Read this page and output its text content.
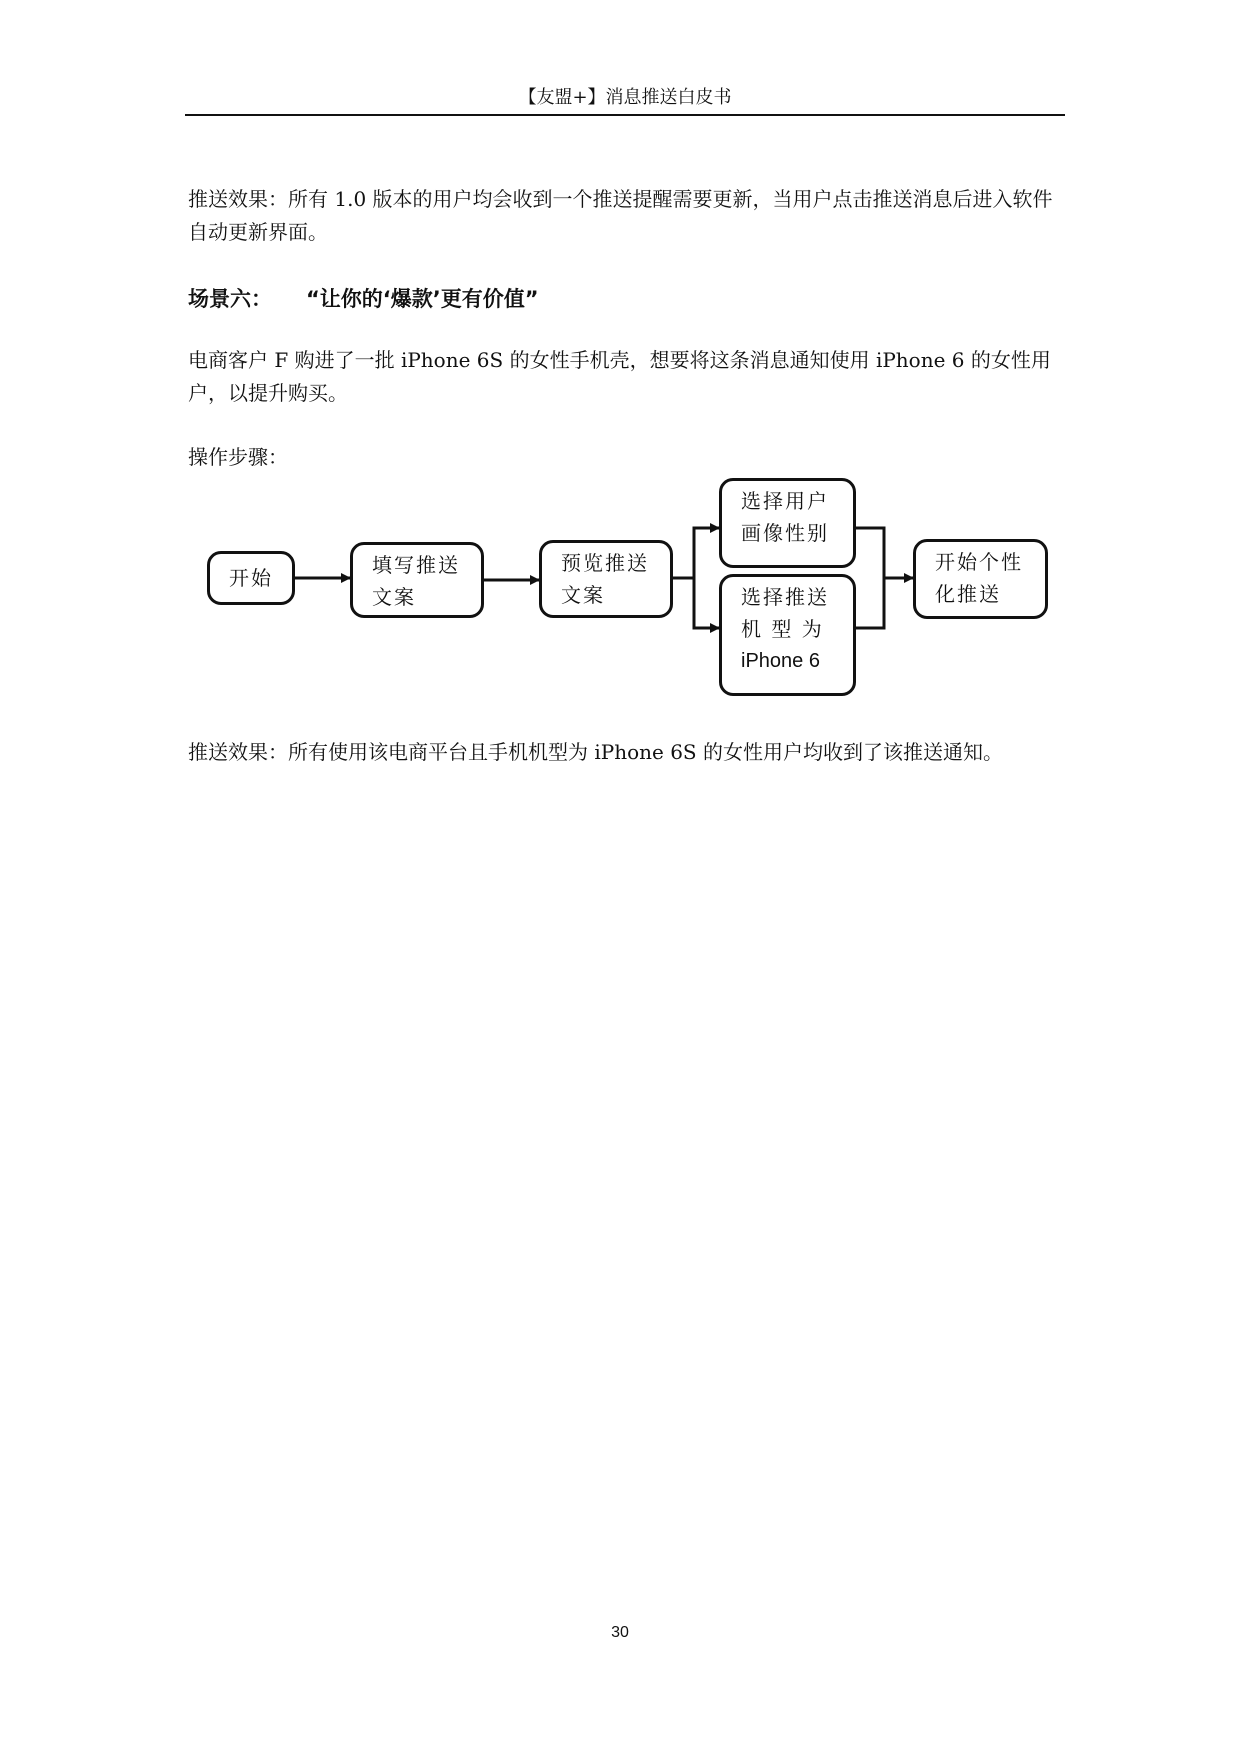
【友盟+】消息推送白皮书

推送效果：所有 1.0 版本的用户均会收到一个推送提醒需要更新，当用户点击推送消息后进入软件自动更新界面。

场景六： “让你的‘爆款’更有价值”

电商客户 F 购进了一批 iPhone 6S 的女性手机壳，想要将这条消息通知使用 iPhone 6 的女性用户，以提升购买。

操作步骤：

开始
填写推送
文案
预览推送
文案
选择用户
画像性别
选择推送
机 型 为
iPhone 6
开始个性
化推送

推送效果：所有使用该电商平台且手机机型为 iPhone 6S 的女性用户均收到了该推送通知。

30
